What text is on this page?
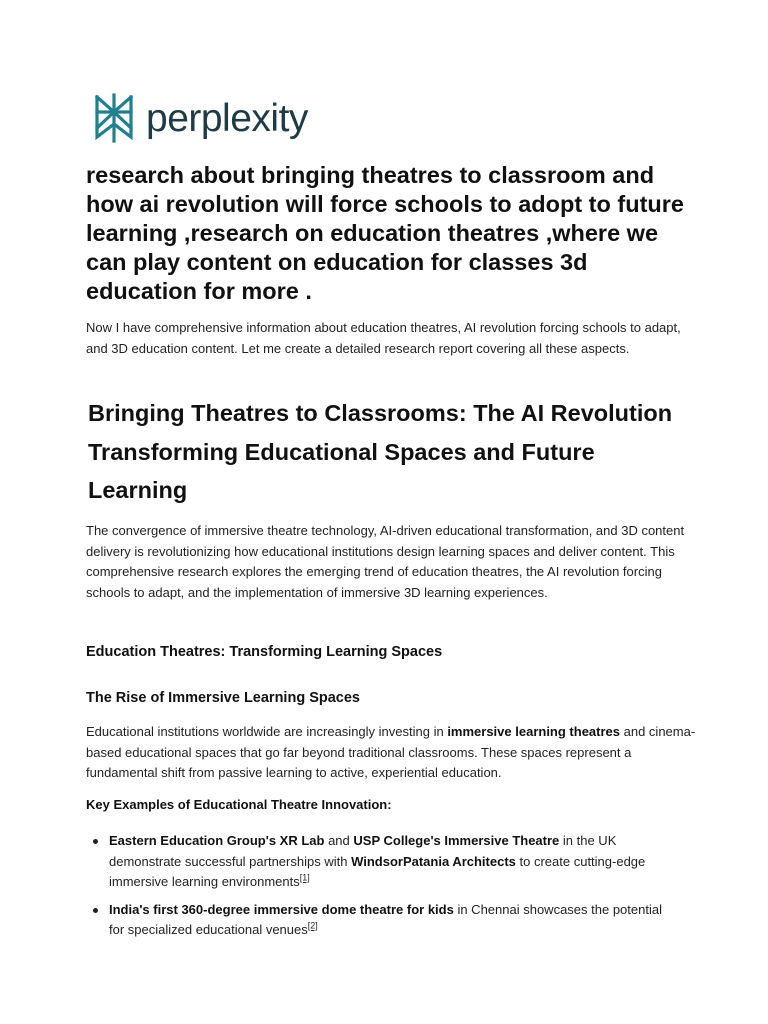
perplexity
research about bringing theatres to classroom and how ai revolution will force schools to adopt to future learning ,research on education theatres ,where we can play content on education for classes 3d education for more .

Now I have comprehensive information about education theatres, AI revolution forcing schools to adapt, and 3D education content. Let me create a detailed research report covering all these aspects.

Bringing Theatres to Classrooms: The AI Revolution Transforming Educational Spaces and Future Learning

The convergence of immersive theatre technology, AI-driven educational transformation, and 3D content delivery is revolutionizing how educational institutions design learning spaces and deliver content. This comprehensive research explores the emerging trend of education theatres, the AI revolution forcing schools to adapt, and the implementation of immersive 3D learning experiences.

Education Theatres: Transforming Learning Spaces
The Rise of Immersive Learning Spaces

Educational institutions worldwide are increasingly investing in immersive learning theatres and cinema-based educational spaces that go far beyond traditional classrooms. These spaces represent a fundamental shift from passive learning to active, experiential education.

Key Examples of Educational Theatre Innovation:

Eastern Education Group's XR Lab and USP College's Immersive Theatre in the UK demonstrate successful partnerships with WindsorPatania Architects to create cutting-edge immersive learning environments[1]
India's first 360-degree immersive dome theatre for kids in Chennai showcases the potential for specialized educational venues[2]
